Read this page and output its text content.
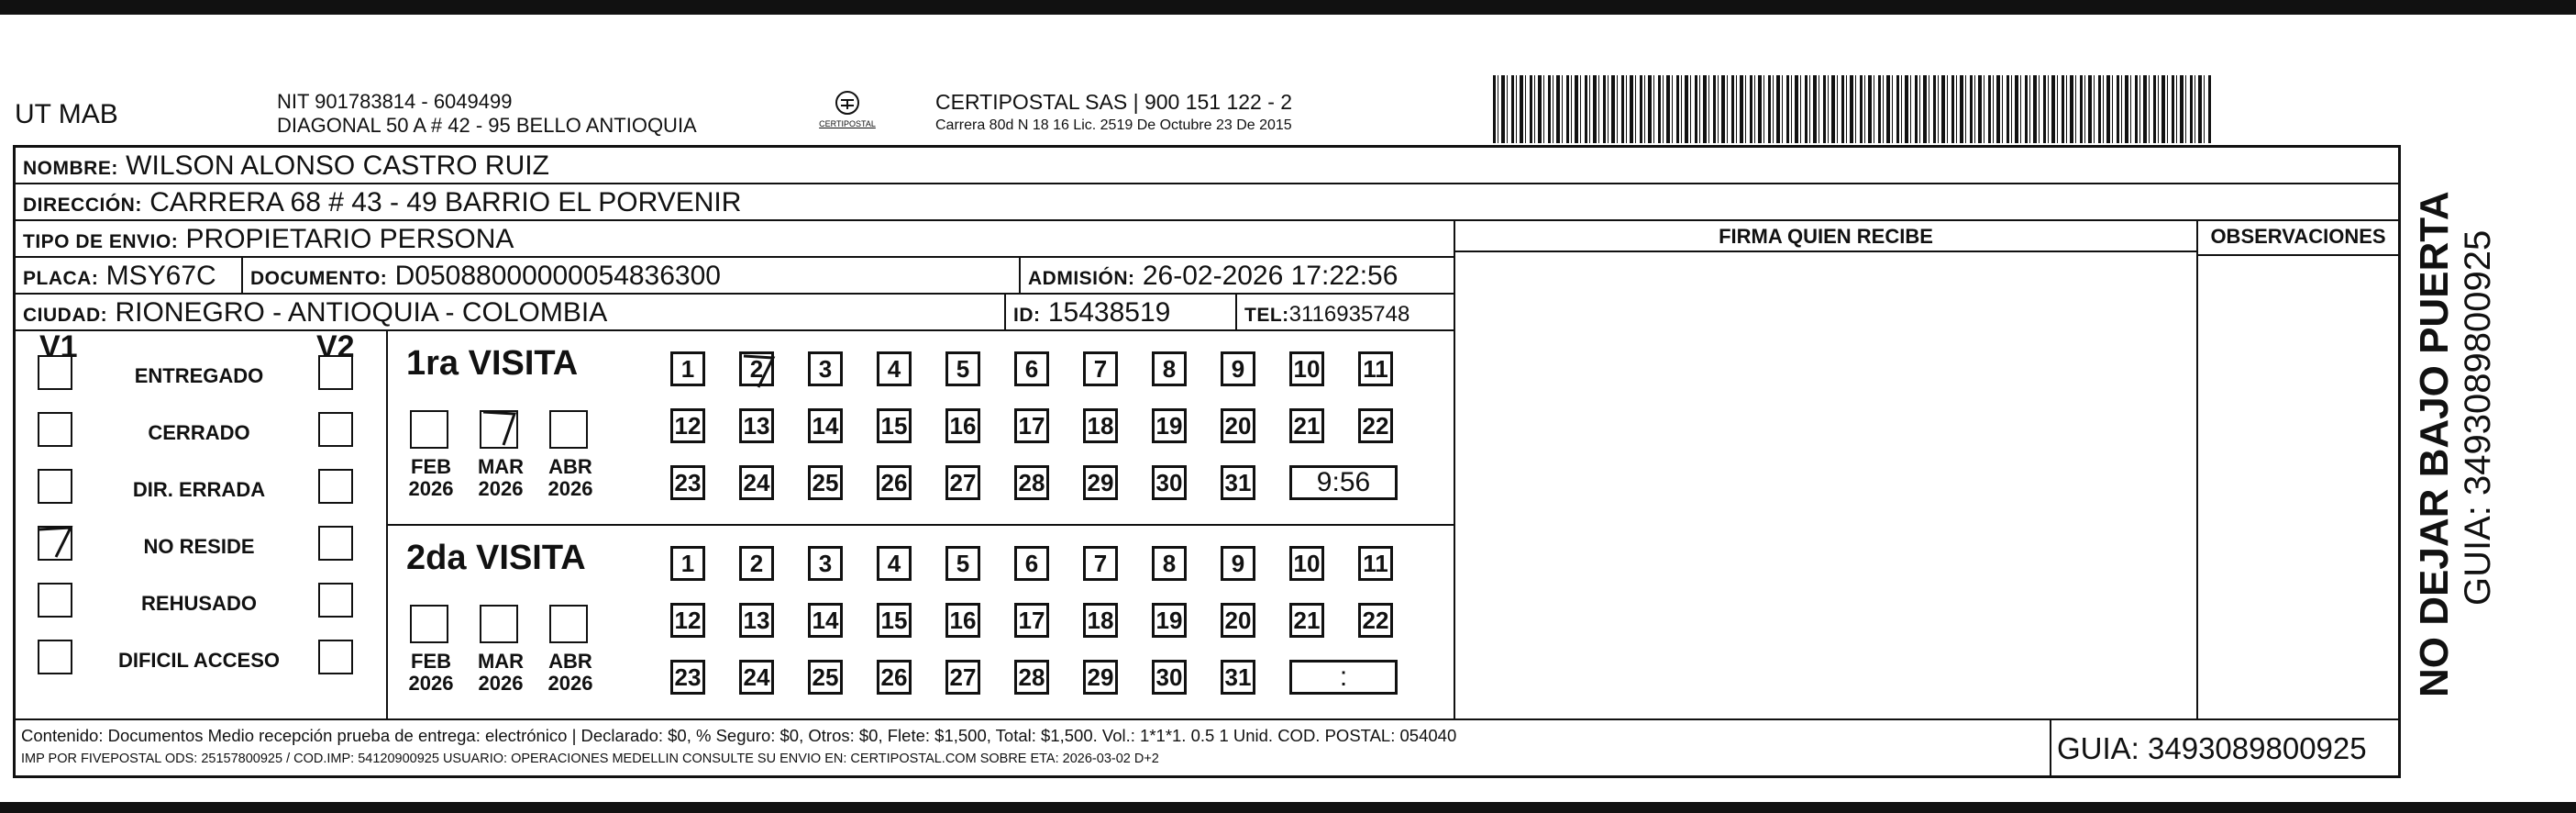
UT MAB	NIT 901783814 - 6049499
DIAGONAL 50 A # 42 - 95 BELLO ANTIOQUIA	CERTIPOSTAL
CERTIPOSTAL SAS | 900 151 122 - 2
Carrera 80d N 18 16 Lic. 2519 De Octubre 23 De 2015
NOMBRE: WILSON ALONSO CASTRO RUIZ
DIRECCIÓN: CARRERA 68 # 43 - 49 BARRIO EL PORVENIR
TIPO DE ENVIO: PROPIETARIO PERSONA
PLACA: MSY67C DOCUMENTO: D05088000000054836300	ADMISIÓN: 26-02-2026 17:22:56
CIUDAD: RIONEGRO - ANTIOQUIA - COLOMBIA	ID: 15438519	TEL:3116935748
FIRMA QUIEN RECIBE	OBSERVACIONES
V1	V2
ENTREGADO
CERRADO
DIR. ERRADA
NO RESIDE
REHUSADO
DIFICIL ACCESO
1ra VISITA
2da VISITA
FEB
2026
MAR
2026
ABR
2026
FEB
2026
MAR
2026
ABR
2026
1	2	3	4	5	6	7	8	9	10 11
12 13 14 15 16 17 18 19 20 21 22
23 24 25 26 27 28 29 30 31	9:56
1	2	3	4	5	6	7	8	9	10 11
12 13 14 15 16 17 18 19 20 21 22
23 24 25 26 27 28 29 30 31	:
Contenido: Documentos Medio recepción prueba de entrega: electrónico | Declarado: $0, % Seguro: $0, Otros: $0, Flete: $1,500, Total: $1,500. Vol.: 1*1*1. 0.5 1 Unid. COD. POSTAL: 054040
IMP POR FIVEPOSTAL ODS: 25157800925 / COD.IMP: 54120900925 USUARIO: OPERACIONES MEDELLIN CONSULTE SU ENVIO EN: CERTIPOSTAL.COM SOBRE ETA: 2026-03-02 D+2	GUIA: 3493089800925
NO DEJAR BAJO PUERTA GUIA: 3493089800925
